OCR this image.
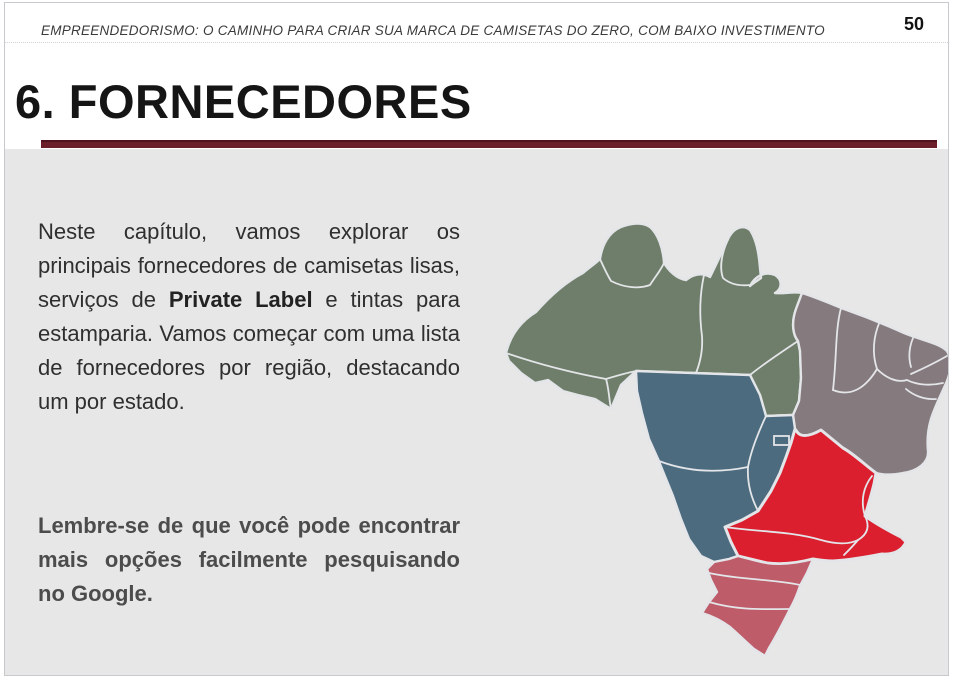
EMPREENDEDORISMO: O CAMINHO PARA CRIAR SUA MARCA DE CAMISETAS DO ZERO, COM BAIXO INVESTIMENTO	50
6. FORNECEDORES
Neste capítulo, vamos explorar os principais fornecedores de camisetas lisas, serviços de Private Label e tintas para estamparia. Vamos começar com uma lista de fornecedores por região, destacando um por estado.
Lembre-se de que você pode encontrar mais opções facilmente pesquisando no Google.
